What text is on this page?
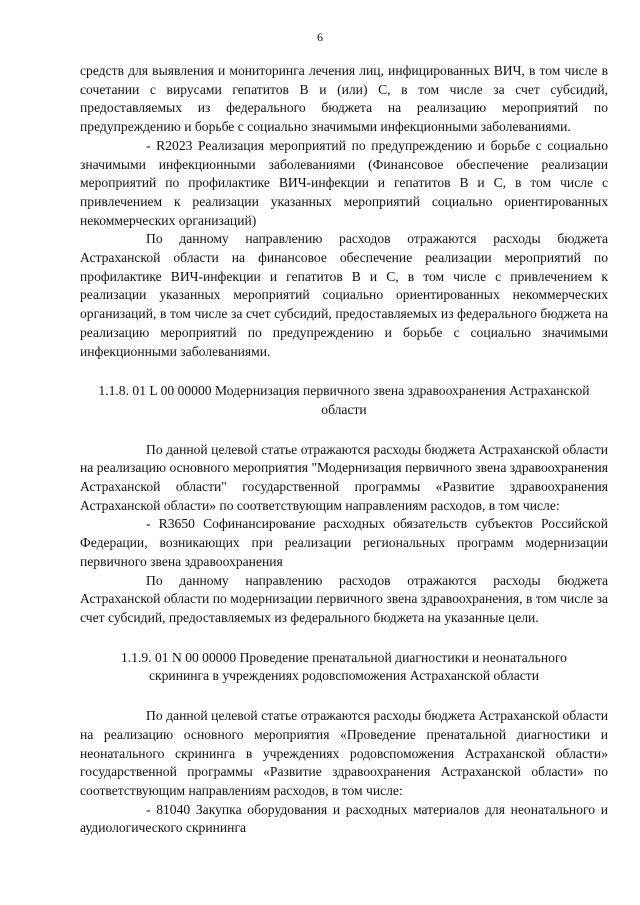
6

средств для выявления и мониторинга лечения лиц, инфицированных ВИЧ, в том числе в сочетании с вирусами гепатитов В и (или) С, в том числе за счет субсидий, предоставляемых из федерального бюджета на реализацию мероприятий по предупреждению и борьбе с социально значимыми инфекционными заболеваниями.

- R2023 Реализация мероприятий по предупреждению и борьбе с социально значимыми инфекционными заболеваниями (Финансовое обеспечение реализации мероприятий по профилактике ВИЧ-инфекции и гепатитов В и С, в том числе с привлечением к реализации указанных мероприятий социально ориентированных некоммерческих организаций)

По данному направлению расходов отражаются расходы бюджета Астраханской области на финансовое обеспечение реализации мероприятий по профилактике ВИЧ-инфекции и гепатитов В и С, в том числе с привлечением к реализации указанных мероприятий социально ориентированных некоммерческих организаций, в том числе за счет субсидий, предоставляемых из федерального бюджета на реализацию мероприятий по предупреждению и борьбе с социально значимыми инфекционными заболеваниями.

1.1.8. 01 L 00 00000 Модернизация первичного звена здравоохранения Астраханской области

По данной целевой статье отражаются расходы бюджета Астраханской области на реализацию основного мероприятия "Модернизация первичного звена здравоохранения Астраханской области" государственной программы «Развитие здравоохранения Астраханской области» по соответствующим направлениям расходов, в том числе:

- R3650 Софинансирование расходных обязательств субъектов Российской Федерации, возникающих при реализации региональных программ модернизации первичного звена здравоохранения

По данному направлению расходов отражаются расходы бюджета Астраханской области по модернизации первичного звена здравоохранения, в том числе за счет субсидий, предоставляемых из федерального бюджета на указанные цели.

1.1.9. 01 N 00 00000 Проведение пренатальной диагностики и неонатального скрининга в учреждениях родовспоможения Астраханской области

По данной целевой статье отражаются расходы бюджета Астраханской области на реализацию основного мероприятия «Проведение пренатальной диагностики и неонатального скрининга в учреждениях родовспоможения Астраханской области» государственной программы «Развитие здравоохранения Астраханской области» по соответствующим направлениям расходов, в том числе:

- 81040 Закупка оборудования и расходных материалов для неонатального и аудиологического скрининга
